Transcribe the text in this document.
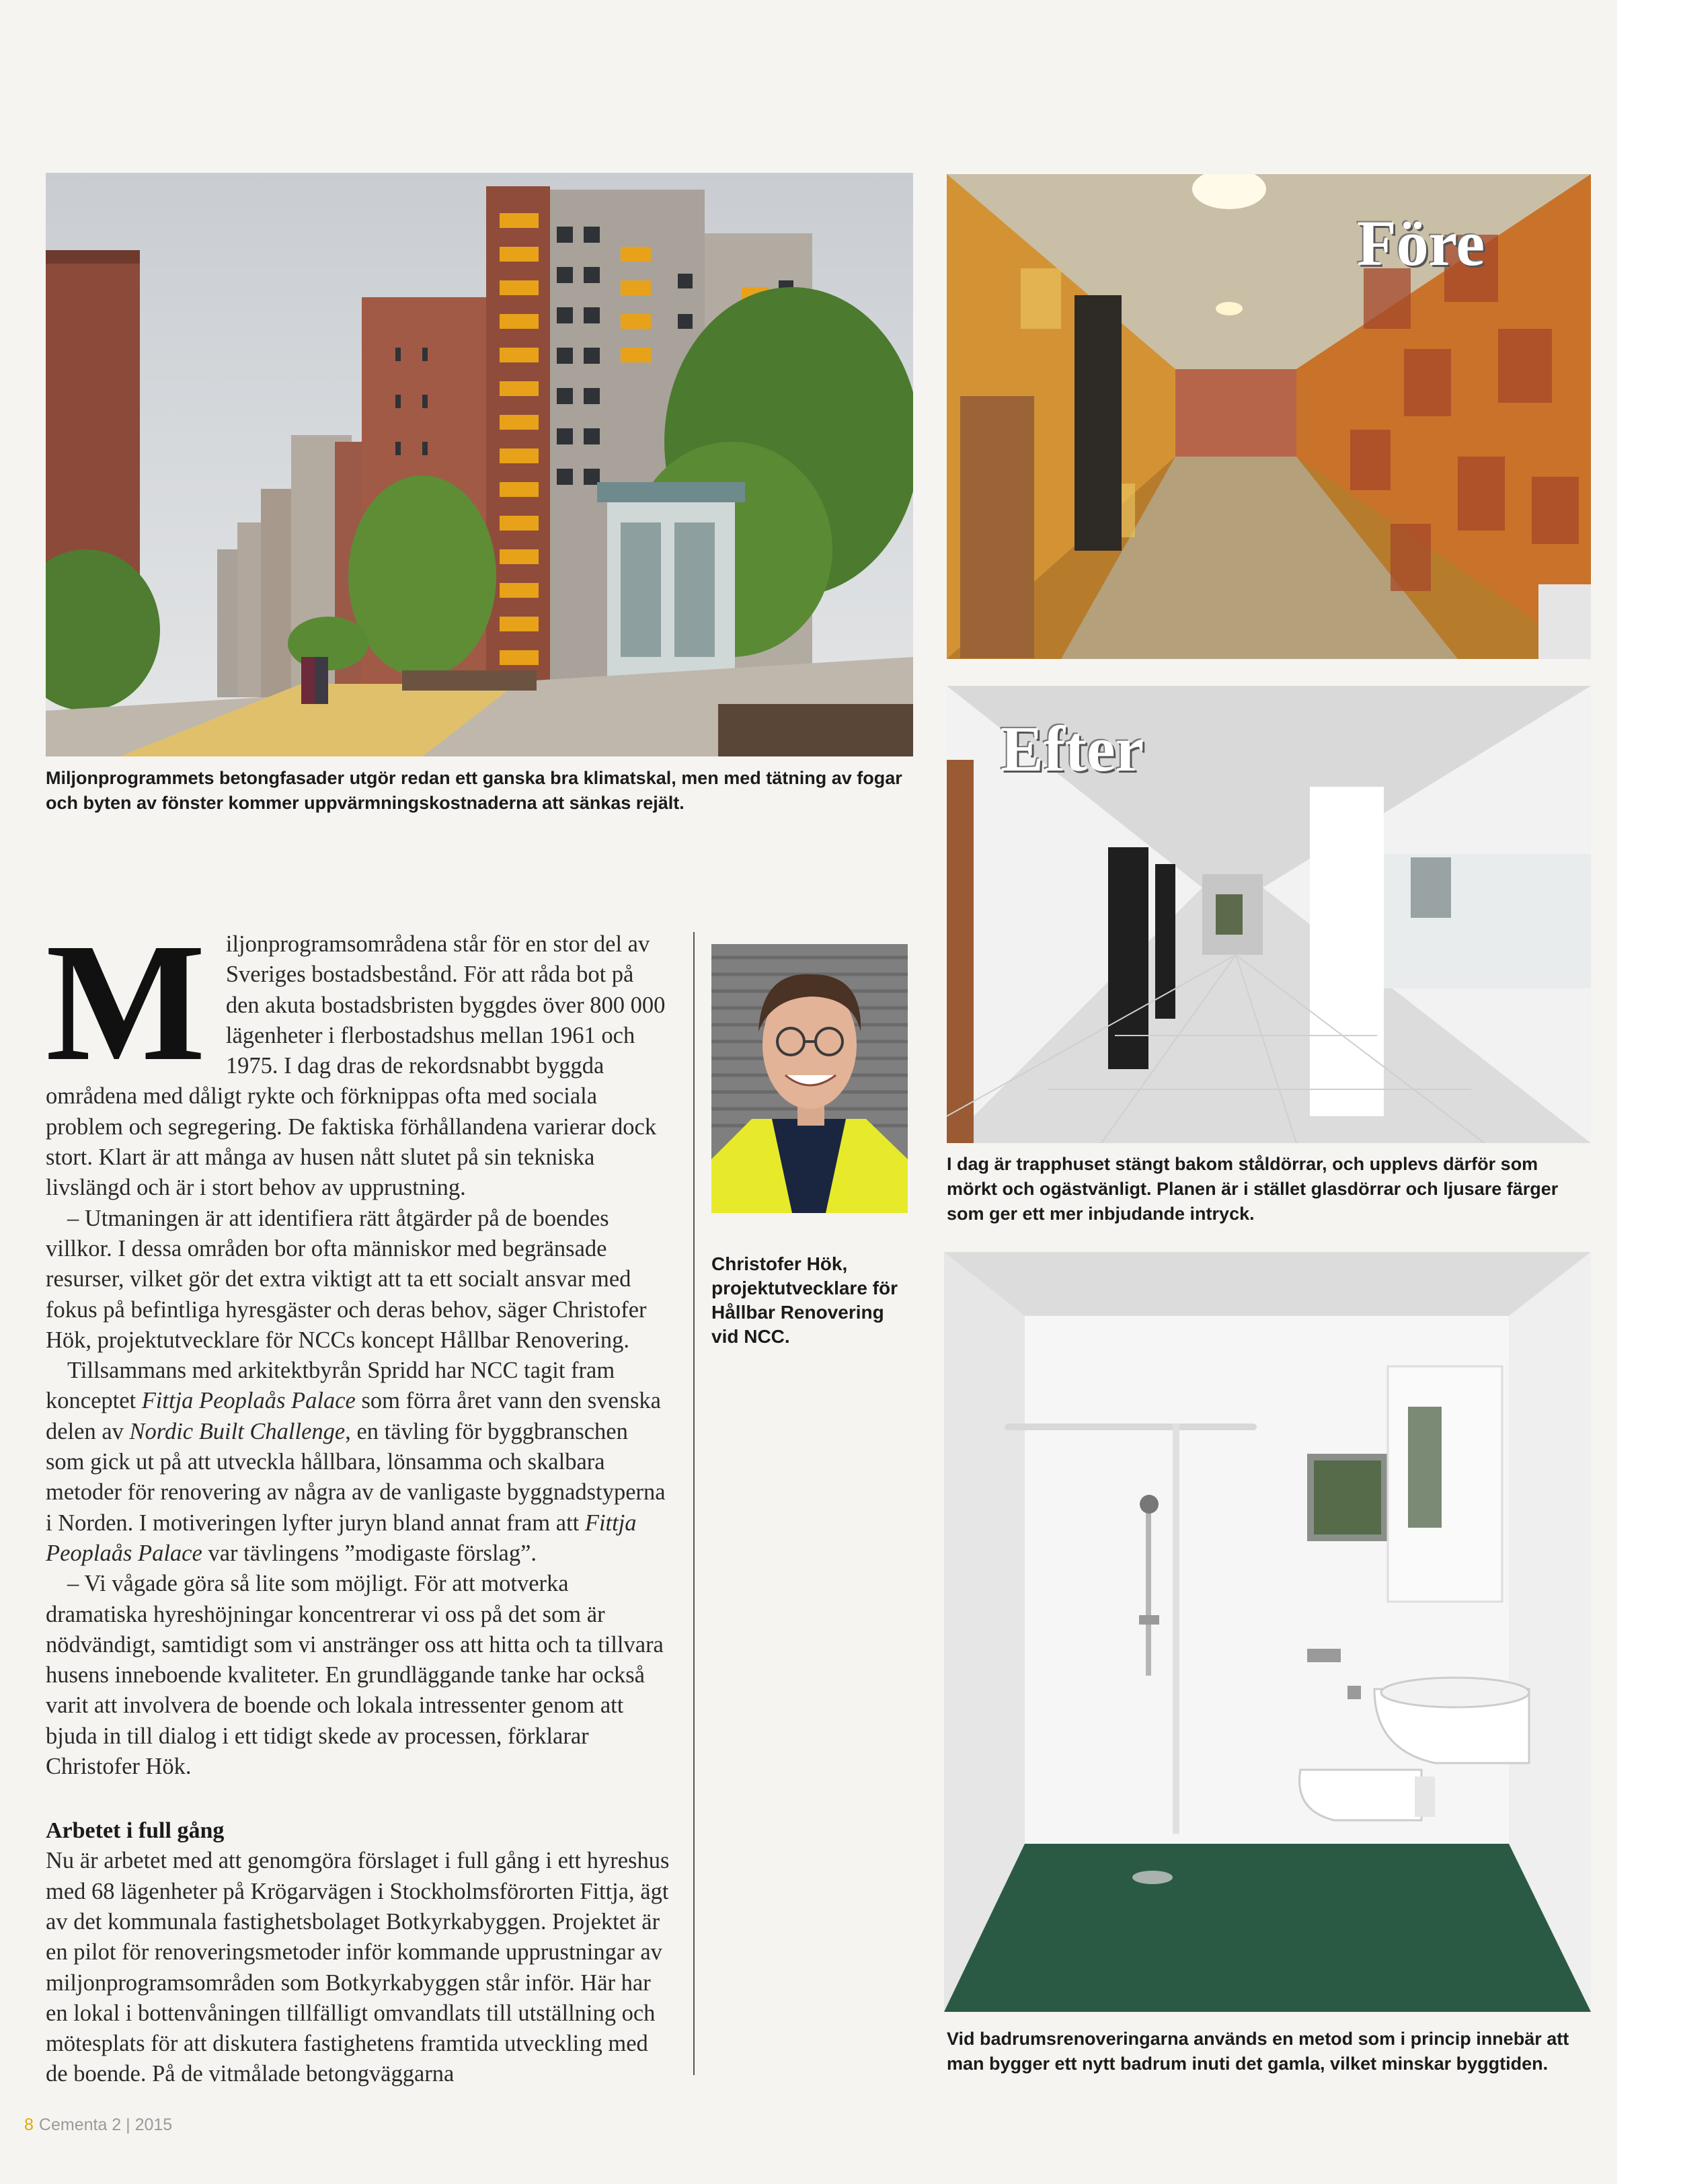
Miljonprogrammets betongfasader utgör redan ett ganska bra klimatskal, men med tätning av fogar och byten av fönster kommer uppvärmningskostnaderna att sänkas rejält.
Före
Efter
I dag är trapphuset stängt bakom ståldörrar, och upplevs därför som mörkt och ogästvänligt. Planen är i stället glasdörrar och ljusare färger som ger ett mer inbjudande intryck.
Christofer Hök, projektutvecklare för Hållbar Renovering vid NCC.
Vid badrumsrenoveringarna används en metod som i princip innebär att man bygger ett nytt badrum inuti det gamla, vilket minskar byggtiden.

Miljonprogramsområdena står för en stor del av Sveriges bostadsbestånd. För att råda bot på den akuta bostadsbristen byggdes över 800 000 lägenheter i flerbostadshus mellan 1961 och 1975. I dag dras de rekordsnabbt byggda områdena med dåligt rykte och förknippas ofta med sociala problem och segregering. De faktiska förhållandena varierar dock stort. Klart är att många av husen nått slutet på sin tekniska livslängd och är i stort behov av upprustning.

– Utmaningen är att identifiera rätt åtgärder på de boendes villkor. I dessa områden bor ofta människor med begränsade resurser, vilket gör det extra viktigt att ta ett socialt ansvar med fokus på befintliga hyresgäster och deras behov, säger Christofer Hök, projektutvecklare för NCCs koncept Hållbar Renovering.

Tillsammans med arkitektbyrån Spridd har NCC tagit fram konceptet Fittja Peoplaås Palace som förra året vann den svenska delen av Nordic Built Challenge, en tävling för byggbranschen som gick ut på att utveckla hållbara, lönsamma och skalbara metoder för renovering av några av de vanligaste byggnadstyperna i Norden. I motiveringen lyfter juryn bland annat fram att Fittja Peoplaås Palace var tävlingens ”modigaste förslag”.

– Vi vågade göra så lite som möjligt. För att motverka dramatiska hyreshöjningar koncentrerar vi oss på det som är nödvändigt, samtidigt som vi anstränger oss att hitta och ta tillvara husens inneboende kvaliteter. En grundläggande tanke har också varit att involvera de boende och lokala intressenter genom att bjuda in till dialog i ett tidigt skede av processen, förklarar Christofer Hök.

Arbetet i full gång

Nu är arbetet med att genomgöra förslaget i full gång i ett hyreshus med 68 lägenheter på Krögarvägen i Stockholmsförorten Fittja, ägt av det kommunala fastighetsbolaget Botkyrkabyggen. Projektet är en pilot för renoveringsmetoder inför kommande upprustningar av miljonprogramsområden som Botkyrkabyggen står inför. Här har en lokal i bottenvåningen tillfälligt omvandlats till utställning och mötesplats för att diskutera fastighetens framtida utveckling med de boende. På de vitmålade betongväggarna

8 Cementa 2 | 2015
